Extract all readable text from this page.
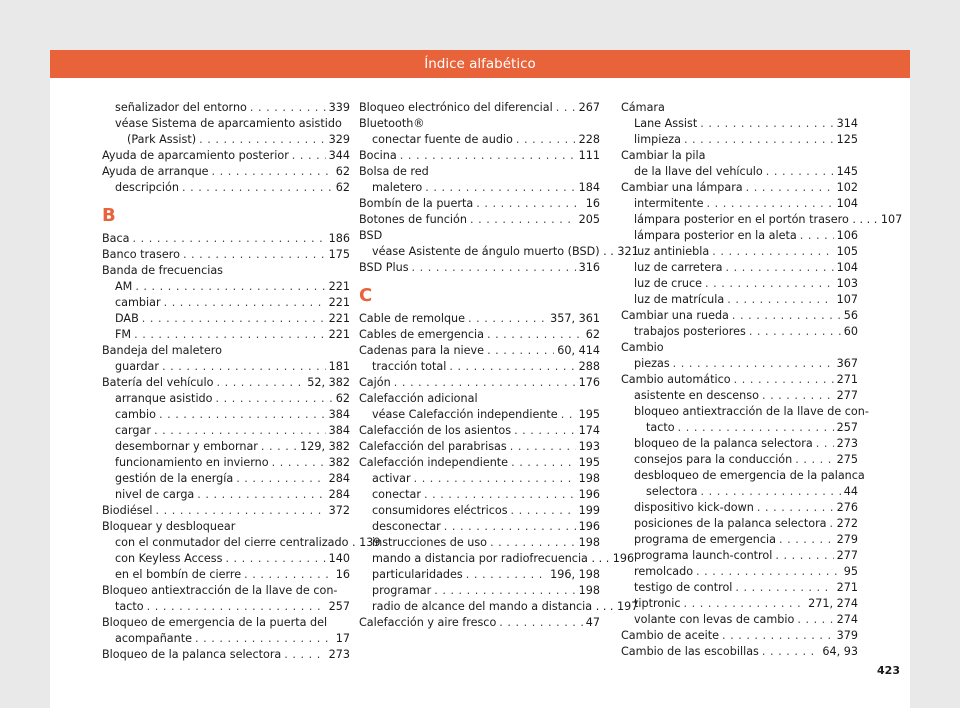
Índice alfabético
señalizador del entorno . . .	339
véase Sistema de aparcamiento asistido
(Park Assist) . . .	329
Ayuda de aparcamiento posterior . . .	344
Ayuda de arranque . . .	62
descripción . . .	62
B
Baca . . .	186
Banco trasero . . .	175
Banda de frecuencias
AM . . .	221
cambiar . . .	221
DAB . . .	221
FM . . .	221
Bandeja del maletero
guardar . . .	181
Batería del vehículo . . .	52, 382
arranque asistido . . .	62
cambio . . .	384
cargar . . .	384
desembornar y embornar . . .	129, 382
funcionamiento en invierno . . .	382
gestión de la energía . . .	284
nivel de carga . . .	284
Biodiésel . . .	372
Bloquear y desbloquear
con el conmutador del cierre centralizado . 139
con Keyless Access . . .	140
en el bombín de cierre . . .	16
Bloqueo antiextracción de la llave de con-
tacto . . .	257
Bloqueo de emergencia de la puerta del
acompañante . . .	17
Bloqueo de la palanca selectora . . .	273
Bloqueo electrónico del diferencial . . . 267
Bluetooth®
conectar fuente de audio . . .	228
Bocina . . .	111
Bolsa de red
maletero . . .	184
Bombín de la puerta . . .	16
Botones de función . . .	205
BSD
véase Asistente de ángulo muerto (BSD) . . 321
BSD Plus . . .	316
C
Cable de remolque . . .	357, 361
Cables de emergencia . . .	62
Cadenas para la nieve . . .	60, 414
tracción total . . .	288
Cajón . . .	176
Calefacción adicional
véase Calefacción independiente . . . 195
Calefacción de los asientos . . .	174
Calefacción del parabrisas . . .	193
Calefacción independiente . . .	195
activar . . .	198
conectar . . .	196
consumidores eléctricos . . .	199
desconectar . . .	196
instrucciones de uso . . .	198
mando a distancia por radiofrecuencia . . . 196
particularidades . . .	196, 198
programar . . .	198
radio de alcance del mando a distancia . . . 197
Calefacción y aire fresco . . .	47
Cámara
Lane Assist . . .	314
limpieza . . .	125
Cambiar la pila
de la llave del vehículo . . .	145
Cambiar una lámpara . . .	102
intermitente . . .	104
lámpara posterior en el portón trasero . . . . 107
lámpara posterior en la aleta . . .	106
luz antiniebla . . .	105
luz de carretera . . .	104
luz de cruce . . .	103
luz de matrícula . . .	107
Cambiar una rueda . . .	56
trabajos posteriores . . .	60
Cambio
piezas . . .	367
Cambio automático . . .	271
asistente en descenso . . .	277
bloqueo antiextracción de la llave de con-
tacto . . .	257
bloqueo de la palanca selectora . . . 273
consejos para la conducción . . .	275
desbloqueo de emergencia de la palanca
selectora . . .	44
dispositivo kick-down . . .	276
posiciones de la palanca selectora . . . 272
programa de emergencia . . .	279
programa launch-control . . .	277
remolcado . . .	95
testigo de control . . .	271
tiptronic . . .	271, 274
volante con levas de cambio . . .	274
Cambio de aceite . . .	379
Cambio de las escobillas . . .	64, 93
423
